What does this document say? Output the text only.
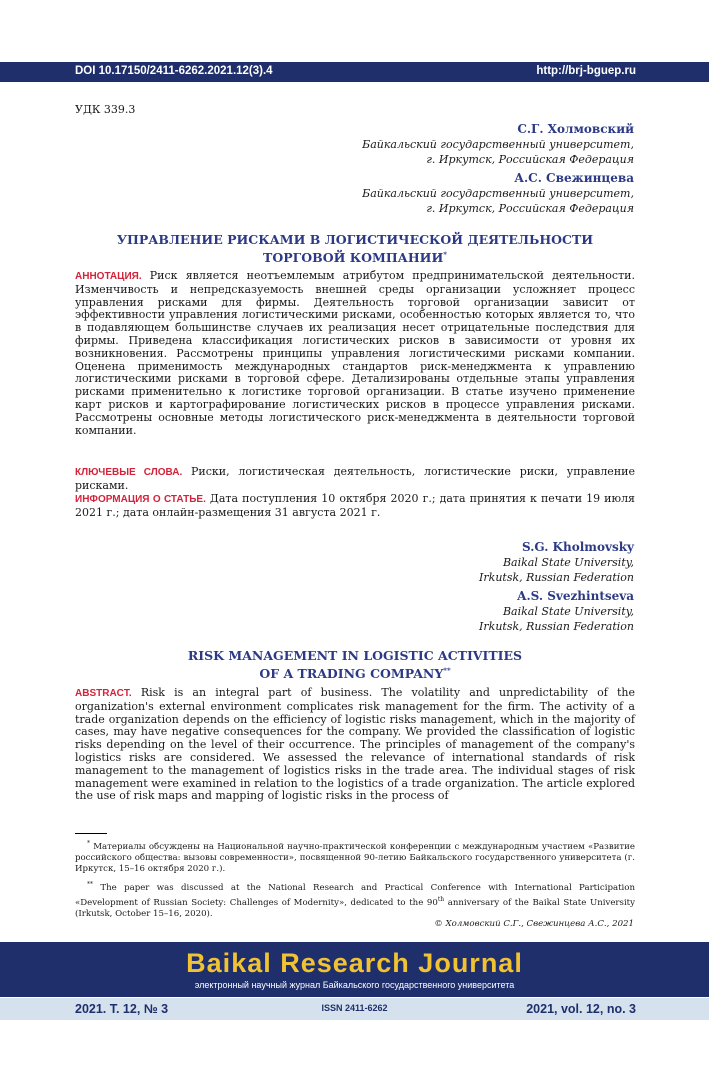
DOI 10.17150/2411-6262.2021.12(3).4	http://brj-bguep.ru
УДК 339.3
С.Г. Холмовский
Байкальский государственный университет,
г. Иркутск, Российская Федерация
А.С. Свежинцева
Байкальский государственный университет,
г. Иркутск, Российская Федерация
УПРАВЛЕНИЕ РИСКАМИ В ЛОГИСТИЧЕСКОЙ ДЕЯТЕЛЬНОСТИ
ТОРГОВОЙ КОМПАНИИ*
АННОТАЦИЯ. Риск является неотъемлемым атрибутом предпринимательской деятельности. Изменчивость и непредсказуемость внешней среды организации усложняет процесс управления рисками для фирмы. Деятельность торговой организации зависит от эффективности управления логистическими рисками, особенностью которых является то, что в подавляющем большинстве случаев их реализация несет отрицательные последствия для фирмы. Приведена классификация логистических рисков в зависимости от уровня их возникновения. Рассмотрены принципы управления логистическими рисками компании. Оценена применимость международных стандартов риск-менеджмента к управлению логистическими рисками в торговой сфере. Детализированы отдельные этапы управления рисками применительно к логистике торговой организации. В статье изучено применение карт рисков и картографирование логистических рисков в процессе управления рисками. Рассмотрены основные методы логистического риск-менеджмента в деятельности торговой компании.
КЛЮЧЕВЫЕ СЛОВА. Риски, логистическая деятельность, логистические риски, управление рисками.
ИНФОРМАЦИЯ О СТАТЬЕ. Дата поступления 10 октября 2020 г.; дата принятия к печати 19 июля 2021 г.; дата онлайн-размещения 31 августа 2021 г.
S.G. Kholmovsky
Baikal State University,
Irkutsk, Russian Federation
A.S. Svezhintseva
Baikal State University,
Irkutsk, Russian Federation
RISK MANAGEMENT IN LOGISTIC ACTIVITIES
OF A TRADING COMPANY**
ABSTRACT. Risk is an integral part of business. The volatility and unpredictability of the organization's external environment complicates risk management for the firm. The activity of a trade organization depends on the efficiency of logistic risks management, which in the majority of cases, may have negative consequences for the company. We provided the classification of logistic risks depending on the level of their occurrence. The principles of management of the company's logistics risks are considered. We assessed the relevance of international standards of risk management to the management of logistics risks in the trade area. The individual stages of risk management were examined in relation to the logistics of a trade organization. The article explored the use of risk maps and mapping of logistic risks in the process of
* Материалы обсуждены на Национальной научно-практической конференции с международным участием «Развитие российского общества: вызовы современности», посвященной 90-летию Байкальского государственного университета (г. Иркутск, 15–16 октября 2020 г.).
** The paper was discussed at the National Research and Practical Conference with International Participation «Development of Russian Society: Challenges of Modernity», dedicated to the 90th anniversary of the Baikal State University (Irkutsk, October 15–16, 2020).
© Холмовский С.Г., Свежинцева А.С., 2021
Baikal Research Journal
электронный научный журнал Байкальского государственного университета
2021. Т. 12, № 3	ISSN 2411-6262	2021, vol. 12, no. 3
